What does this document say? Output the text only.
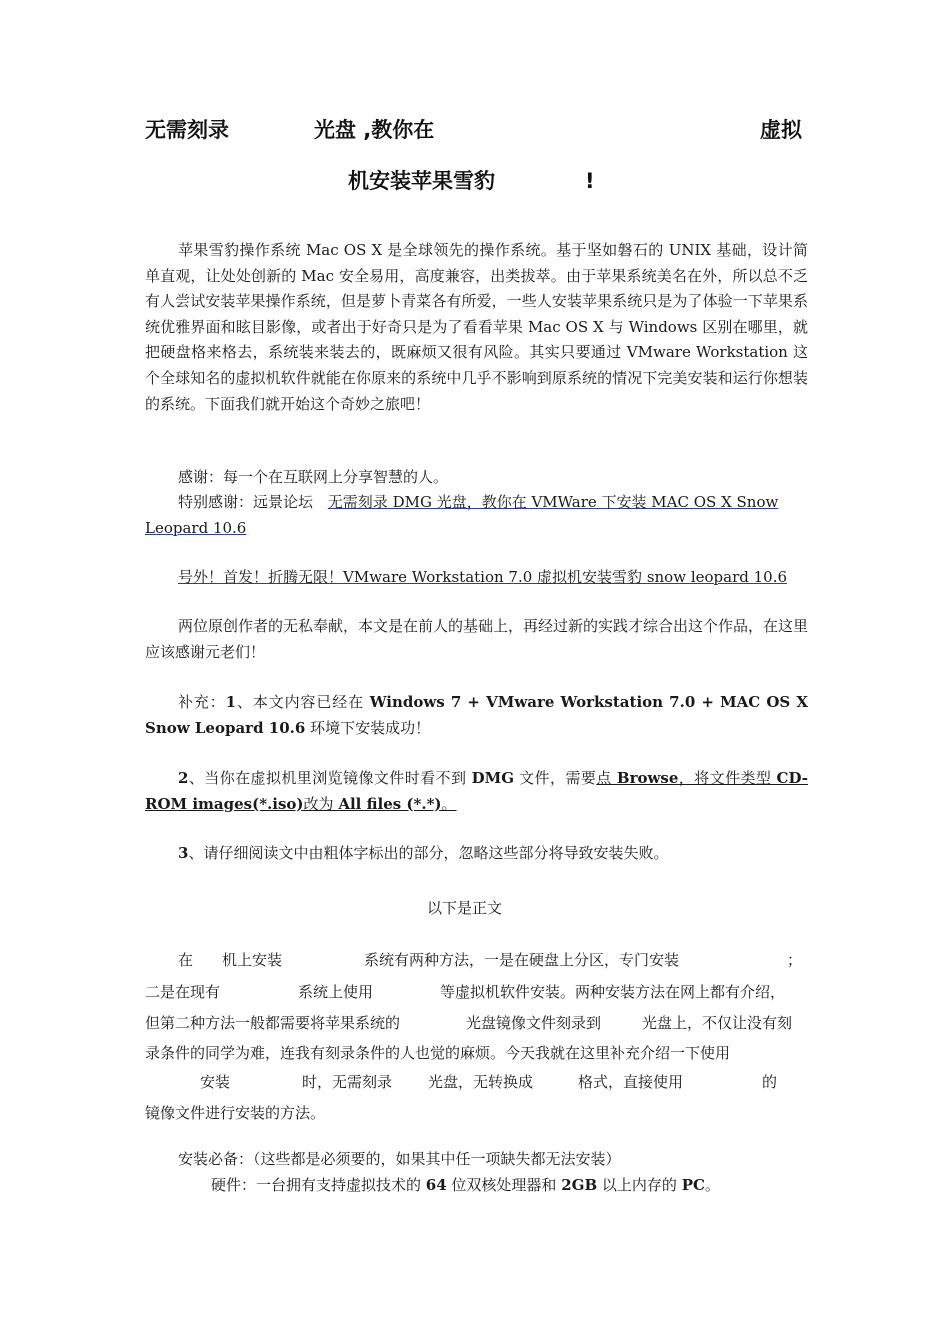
无需刻录	光盘 ,教你在	虚拟
机安装苹果雪豹	!
苹果雪豹操作系统 Mac OS X 是全球领先的操作系统。基于坚如磐石的 UNIX 基础，设计简单直观，让处处创新的 Mac 安全易用，高度兼容，出类拔萃。由于苹果系统美名在外，所以总不乏有人尝试安装苹果操作系统，但是萝卜青菜各有所爱，一些人安装苹果系统只是为了体验一下苹果系统优雅界面和眩目影像，或者出于好奇只是为了看看苹果 Mac OS X 与 Windows 区别在哪里，就把硬盘格来格去，系统装来装去的，既麻烦又很有风险。其实只要通过 VMware Workstation 这个全球知名的虚拟机软件就能在你原来的系统中几乎不影响到原系统的情况下完美安装和运行你想装的系统。下面我们就开始这个奇妙之旅吧！
感谢：每一个在互联网上分享智慧的人。
特别感谢：远景论坛 无需刻录 DMG 光盘，教你在 VMWare 下安装 MAC OS X Snow
Leopard 10.6
号外！首发！折腾无限！VMware Workstation 7.0 虚拟机安装雪豹 snow leopard 10.6
两位原创作者的无私奉献，本文是在前人的基础上，再经过新的实践才综合出这个作品，在这里应该感谢元老们！
补充：1、本文内容已经在 Windows 7 + VMware Workstation 7.0 + MAC OS X Snow Leopard 10.6 环境下安装成功！
2、当你在虚拟机里浏览镜像文件时看不到 DMG 文件，需要点 Browse，将文件类型 CD-ROM images(*.iso)改为 All files (*.*)。
3、请仔细阅读文中由粗体字标出的部分，忽略这些部分将导致安装失败。
以下是正文
在 机上安装	系统有两种方法，一是在硬盘上分区，专门安装	；
二是在现有	系统上使用	等虚拟机软件安装。两种安装方法在网上都有介绍，
但第二种方法一般都需要将苹果系统的	光盘镜像文件刻录到	光盘上，不仅让没有刻
录条件的同学为难，连我有刻录条件的人也觉的麻烦。今天我就在这里补充介绍一下使用
安装	时，无需刻录 光盘，无转换成	格式，直接使用	的
镜像文件进行安装的方法。
安装必备：（这些都是必须要的，如果其中任一项缺失都无法安装）
硬件：一台拥有支持虚拟技术的 64 位双核处理器和 2GB 以上内存的 PC。
